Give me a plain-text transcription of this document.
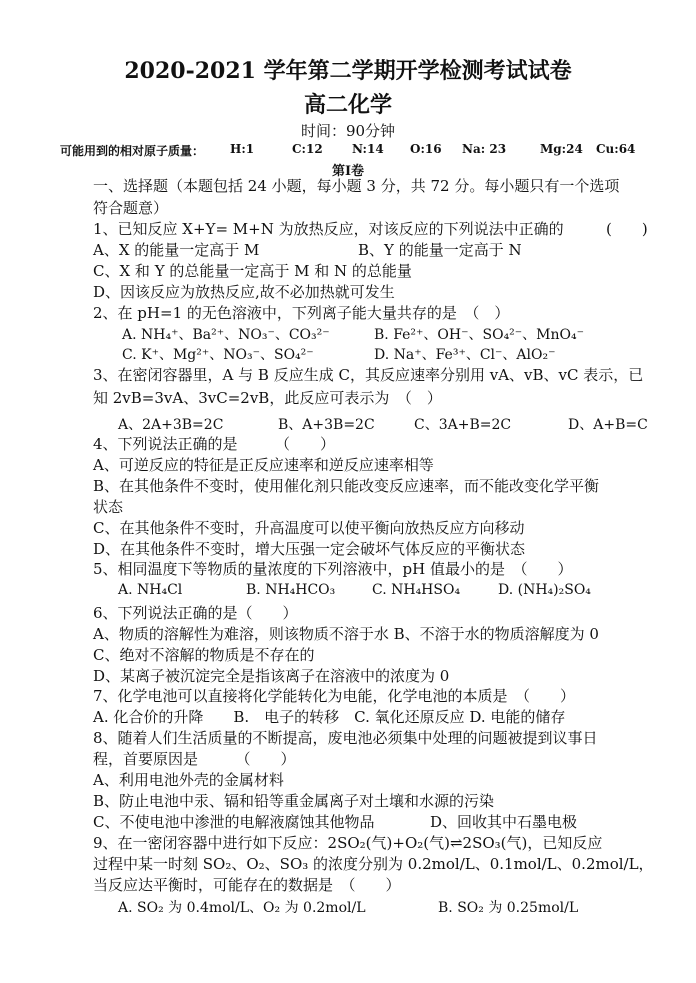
2020-2021 学年第二学期开学检测考试试卷
高二化学
时间：90分钟
可能用到的相对原子质量： H:1	C:12 N:14 O:16 Na: 23	Mg:24 Cu:64
第Ⅰ卷
一、选择题（本题包括 24 小题，每小题 3 分，共 72 分。每小题只有一个选项
符合题意）
1、已知反应 X+Y= M+N 为放热反应，对该反应的下列说法中正确的	(　　)
A、X 的能量一定高于 M	B、Y 的能量一定高于 N
C、X 和 Y 的总能量一定高于 M 和 N 的总能量
D、因该反应为放热反应,故不必加热就可发生
2、在 pH=1 的无色溶液中，下列离子能大量共存的是　（　）
A. NH₄⁺、Ba²⁺、NO₃⁻、CO₃²⁻	B. Fe²⁺、OH⁻、SO₄²⁻、MnO₄⁻
C. K⁺、Mg²⁺、NO₃⁻、SO₄²⁻	D. Na⁺、Fe³⁺、Cl⁻、AlO₂⁻
3、在密闭容器里，A 与 B 反应生成 C，其反应速率分别用 vA、vB、vC 表示，已
知 2vB=3vA、3vC=2vB，此反应可表示为　（　）
A、2A+3B=2C	B、A+3B=2C	C、3A+B=2C	D、A+B=C
4、下列说法正确的是　　　（　　）
A、可逆反应的特征是正反应速率和逆反应速率相等
B、在其他条件不变时，使用催化剂只能改变反应速率，而不能改变化学平衡
状态
C、在其他条件不变时，升高温度可以使平衡向放热反应方向移动
D、在其他条件不变时，增大压强一定会破坏气体反应的平衡状态
5、相同温度下等物质的量浓度的下列溶液中，pH 值最小的是　（　　）
A. NH₄Cl	B. NH₄HCO₃	C. NH₄HSO₄	D. (NH₄)₂SO₄
6、下列说法正确的是（　　）
A、物质的溶解性为难溶，则该物质不溶于水 B、不溶于水的物质溶解度为 0
C、绝对不溶解的物质是不存在的
D、某离子被沉淀完全是指该离子在溶液中的浓度为 0
7、化学电池可以直接将化学能转化为电能，化学电池的本质是　（　　）
A. 化合价的升降　　B.　电子的转移　C. 氧化还原反应 D. 电能的储存
8、随着人们生活质量的不断提高，废电池必须集中处理的问题被提到议事日
程，首要原因是　　　（　　）
A、利用电池外壳的金属材料
B、防止电池中汞、镉和铅等重金属离子对土壤和水源的污染
C、不使电池中渗泄的电解液腐蚀其他物品	D、回收其中石墨电极
9、在一密闭容器中进行如下反应：2SO₂(气)+O₂(气)⇌2SO₃(气)，已知反应
过程中某一时刻 SO₂、O₂、SO₃ 的浓度分别为 0.2mol/L、0.1mol/L、0.2mol/L，
当反应达平衡时，可能存在的数据是　（　　）
A. SO₂ 为 0.4mol/L、O₂ 为 0.2mol/L	B. SO₂ 为 0.25mol/L
